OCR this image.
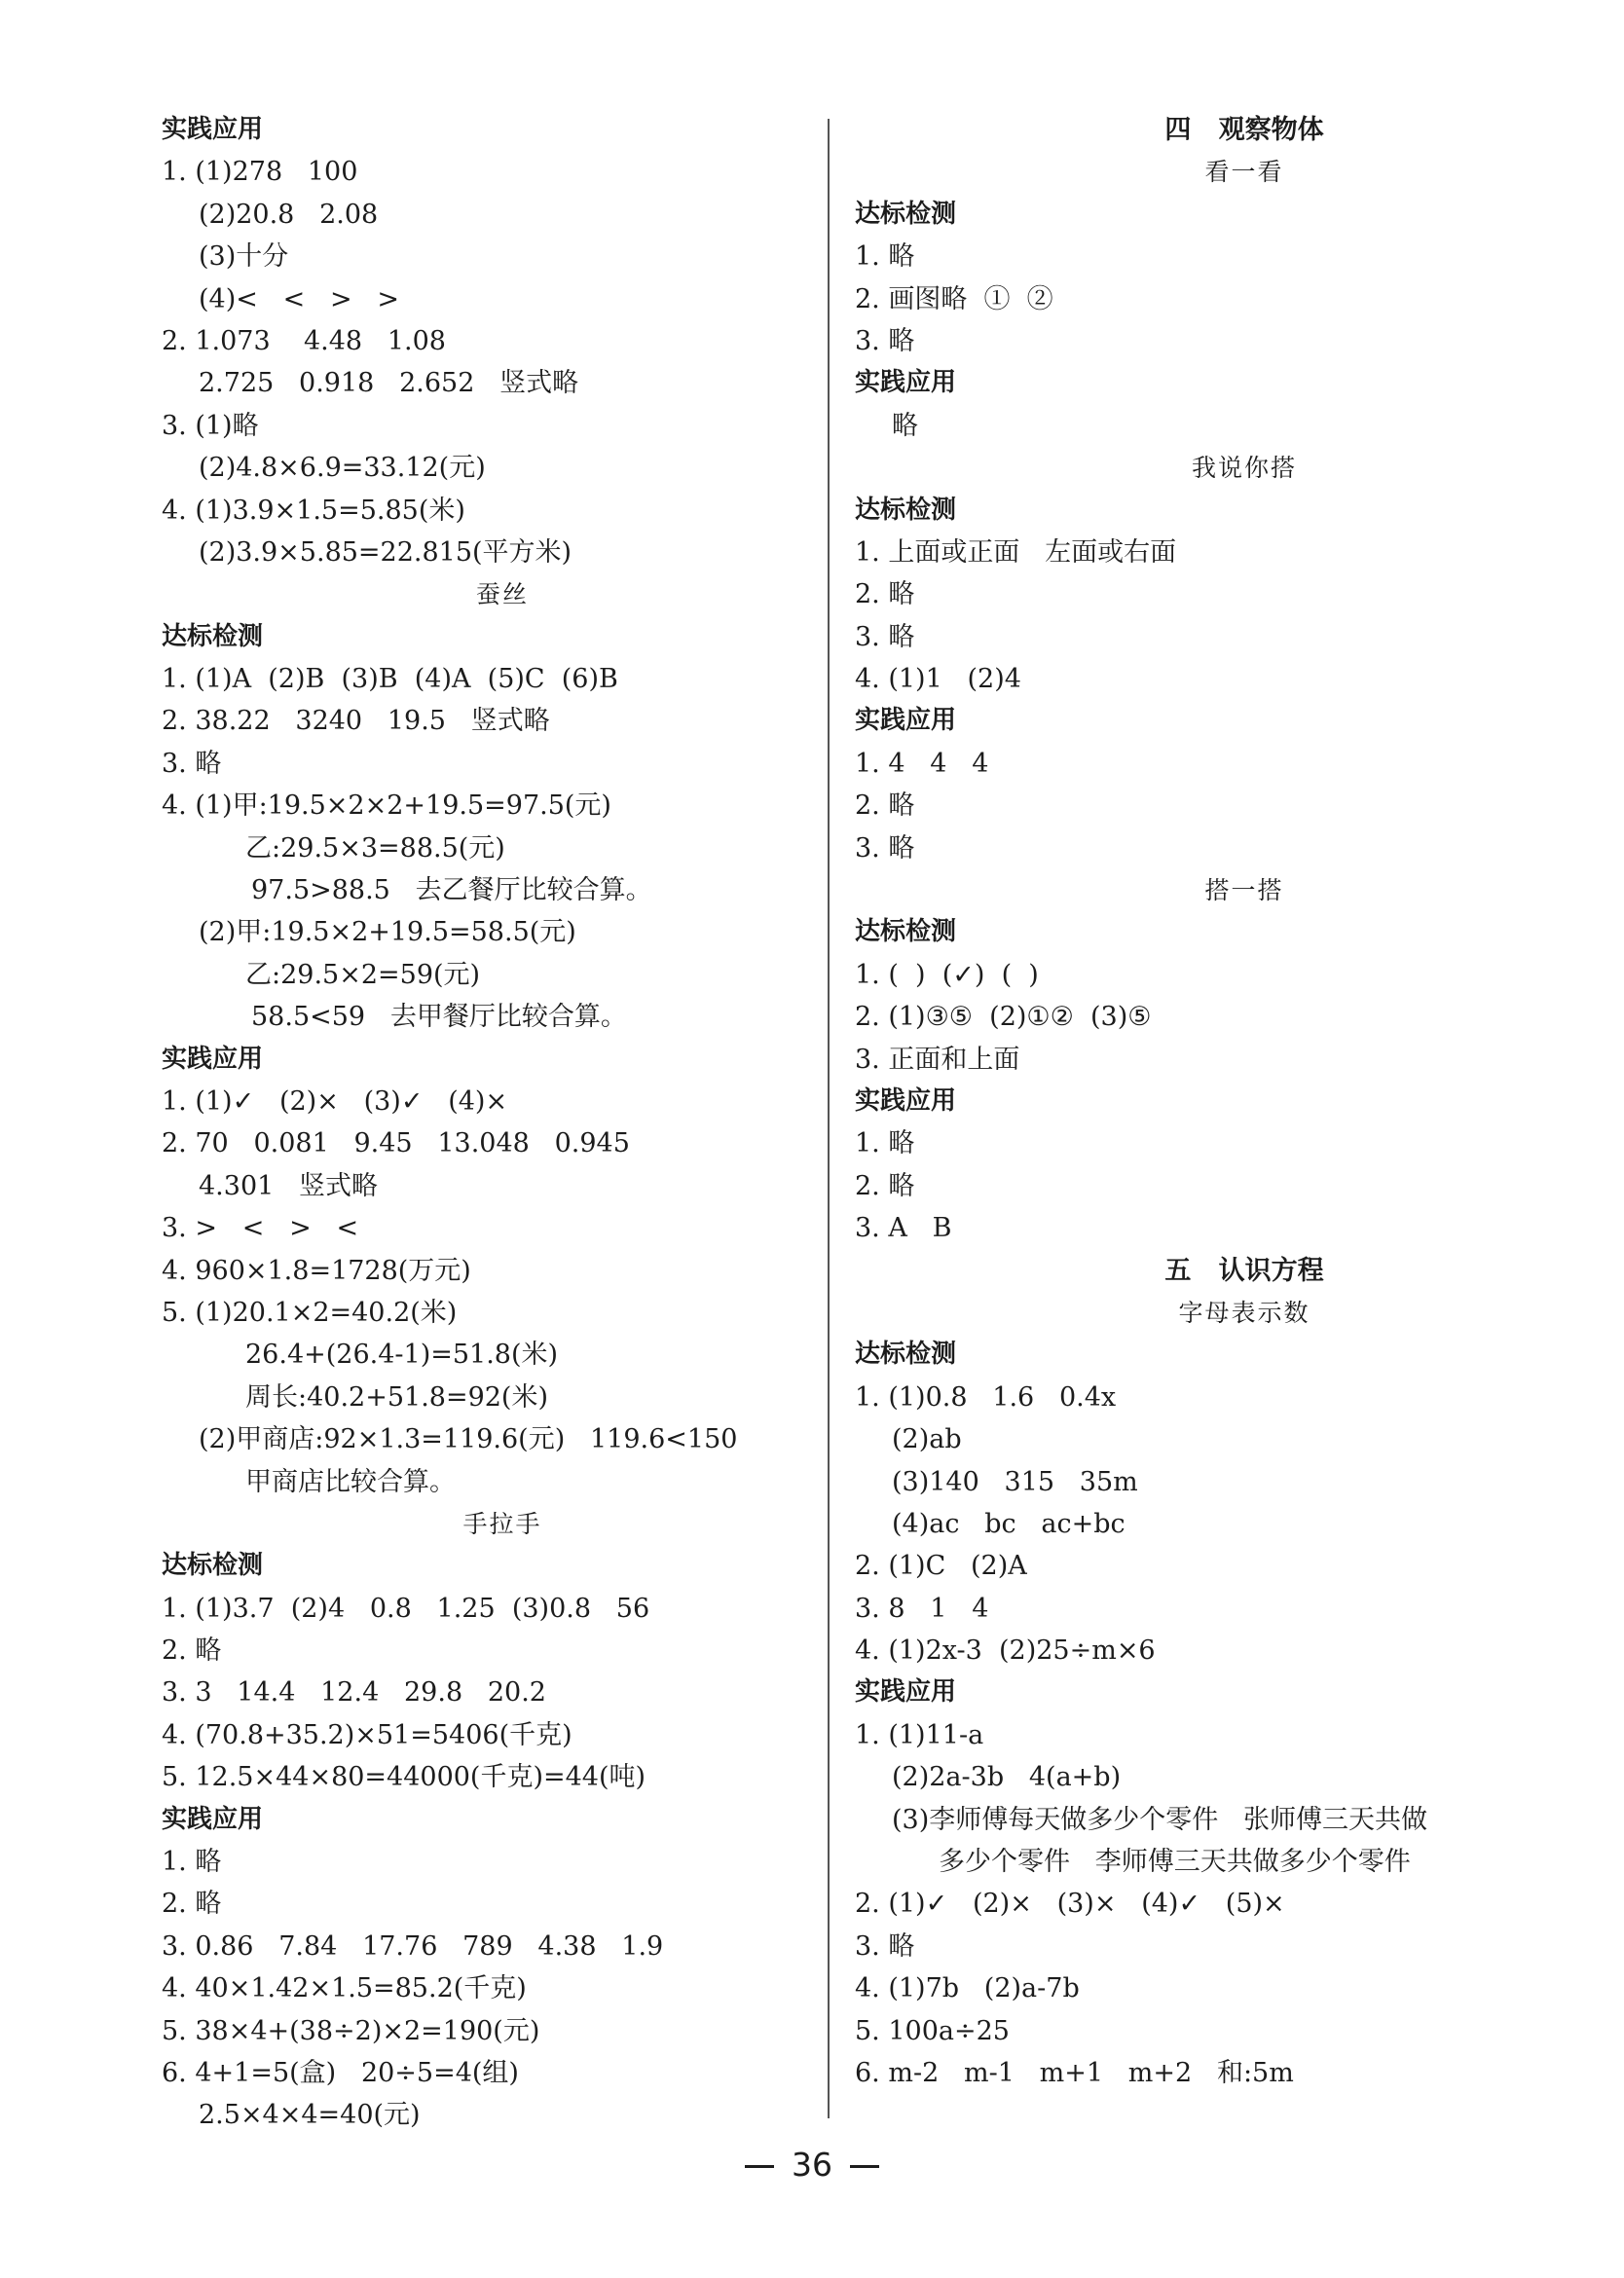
实践应用
1. (1)278   100
(2)20.8   2.08
(3)十分
(4)<   <   >   >
2. 1.073    4.48   1.08
2.725   0.918   2.652   竖式略
3. (1)略
(2)4.8×6.9=33.12(元)
4. (1)3.9×1.5=5.85(米)
(2)3.9×5.85=22.815(平方米)
蚕丝
达标检测
1. (1)A  (2)B  (3)B  (4)A  (5)C  (6)B
2. 38.22   3240   19.5   竖式略
3. 略
4. (1)甲:19.5×2×2+19.5=97.5(元)
乙:29.5×3=88.5(元)
97.5>88.5   去乙餐厅比较合算。
(2)甲:19.5×2+19.5=58.5(元)
乙:29.5×2=59(元)
58.5<59   去甲餐厅比较合算。
实践应用
1. (1)✓   (2)×   (3)✓   (4)×
2. 70   0.081   9.45   13.048   0.945
4.301   竖式略
3. >   <   >   <
4. 960×1.8=1728(万元)
5. (1)20.1×2=40.2(米)
26.4+(26.4-1)=51.8(米)
周长:40.2+51.8=92(米)
(2)甲商店:92×1.3=119.6(元)   119.6<150
甲商店比较合算。
手拉手
达标检测
1. (1)3.7  (2)4   0.8   1.25  (3)0.8   56
2. 略
3. 3   14.4   12.4   29.8   20.2
4. (70.8+35.2)×51=5406(千克)
5. 12.5×44×80=44000(千克)=44(吨)
实践应用
1. 略
2. 略
3. 0.86   7.84   17.76   789   4.38   1.9
4. 40×1.42×1.5=85.2(千克)
5. 38×4+(38÷2)×2=190(元)
6. 4+1=5(盒)   20÷5=4(组)
2.5×4×4=40(元)
四   观察物体
看一看
达标检测
1. 略
2. 画图略  ①  ②
3. 略
实践应用
略
我说你搭
达标检测
1. 上面或正面   左面或右面
2. 略
3. 略
4. (1)1   (2)4
实践应用
1. 4   4   4
2. 略
3. 略
搭一搭
达标检测
1. (  )  (✓)  (  )
2. (1)③⑤  (2)①②  (3)⑤
3. 正面和上面
实践应用
1. 略
2. 略
3. A   B
五   认识方程
字母表示数
达标检测
1. (1)0.8   1.6   0.4x
(2)ab
(3)140   315   35m
(4)ac   bc   ac+bc
2. (1)C   (2)A
3. 8   1   4
4. (1)2x-3  (2)25÷m×6
实践应用
1. (1)11-a
(2)2a-3b   4(a+b)
(3)李师傅每天做多少个零件   张师傅三天共做
多少个零件   李师傅三天共做多少个零件
2. (1)✓   (2)×   (3)×   (4)✓   (5)×
3. 略
4. (1)7b   (2)a-7b
5. 100a÷25
6. m-2   m-1   m+1   m+2   和:5m
36
